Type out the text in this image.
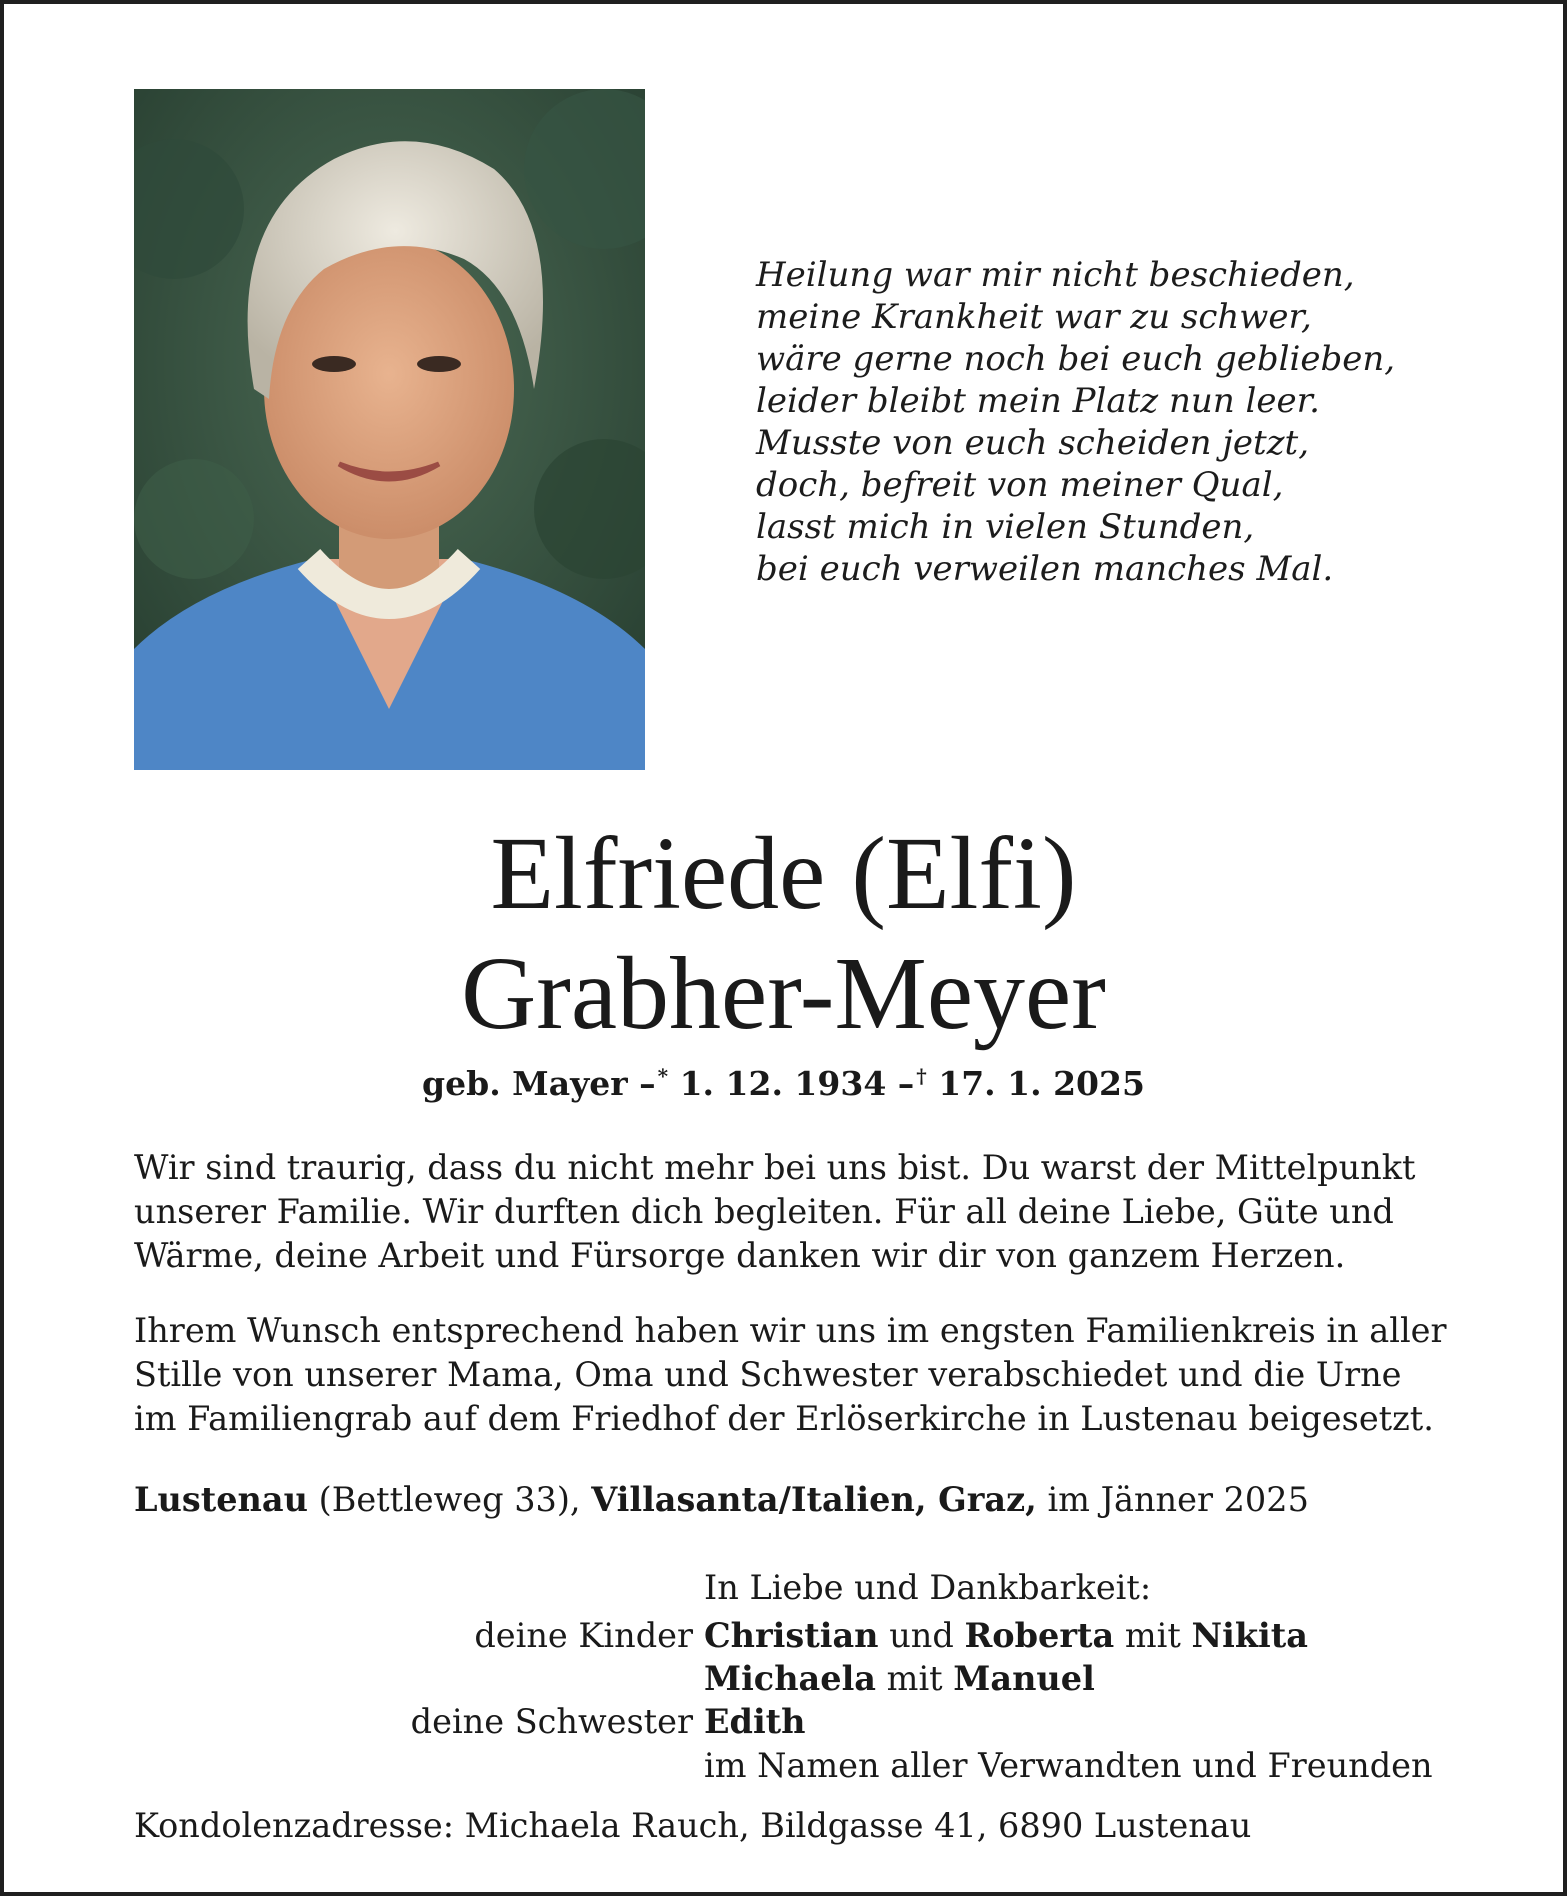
Heilung war mir nicht beschieden,
meine Krankheit war zu schwer,
wäre gerne noch bei euch geblieben,
leider bleibt mein Platz nun leer.
Musste von euch scheiden jetzt,
doch, befreit von meiner Qual,
lasst mich in vielen Stunden,
bei euch verweilen manches Mal.
Elfriede (Elfi)
Grabher-Meyer
geb. Mayer – * 1. 12. 1934 – † 17. 1. 2025
Wir sind traurig, dass du nicht mehr bei uns bist. Du warst der Mittelpunkt
unserer Familie. Wir durften dich begleiten. Für all deine Liebe, Güte und
Wärme, deine Arbeit und Fürsorge danken wir dir von ganzem Herzen.
Ihrem Wunsch entsprechend haben wir uns im engsten Familienkreis in aller
Stille von unserer Mama, Oma und Schwester verabschiedet und die Urne
im Familiengrab auf dem Friedhof der Erlöserkirche in Lustenau beigesetzt.
Lustenau (Bettleweg 33), Villasanta/Italien, Graz, im Jänner 2025
In Liebe und Dankbarkeit:
deine Kinder Christian und Roberta mit Nikita
Michaela mit Manuel
deine Schwester Edith
im Namen aller Verwandten und Freunden
Kondolenzadresse: Michaela Rauch, Bildgasse 41, 6890 Lustenau
